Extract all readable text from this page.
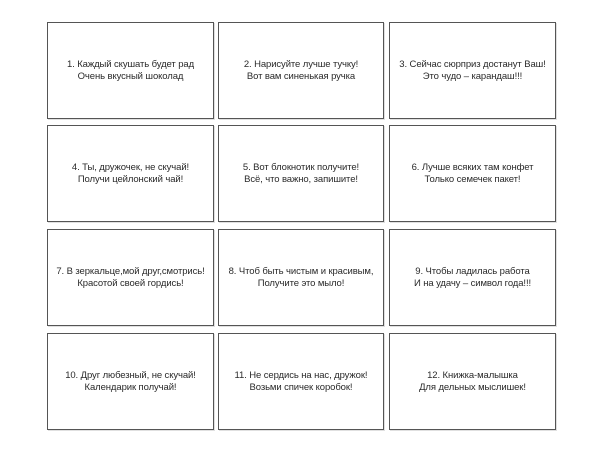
1. Каждый скушать будет рад
Очень вкусный шоколад
2. Нарисуйте лучше тучку!
Вот вам синенькая ручка
3. Сейчас сюрприз достанут Ваш!
Это чудо – карандаш!!!
4. Ты, дружочек, не скучай!
Получи цейлонский чай!
5. Вот блокнотик получите!
Всё, что важно, запишите!
6. Лучше всяких там конфет
Только семечек пакет!
7. В зеркальце,мой друг,смотрись!
Красотой своей гордись!
8. Чтоб быть чистым и красивым,
Получите это мыло!
9. Чтобы ладилась работа
И на удачу – символ года!!!
10. Друг любезный, не скучай!
Календарик получай!
11. Не сердись на нас, дружок!
Возьми спичек коробок!
12. Книжка-малышка
Для дельных мыслишек!
